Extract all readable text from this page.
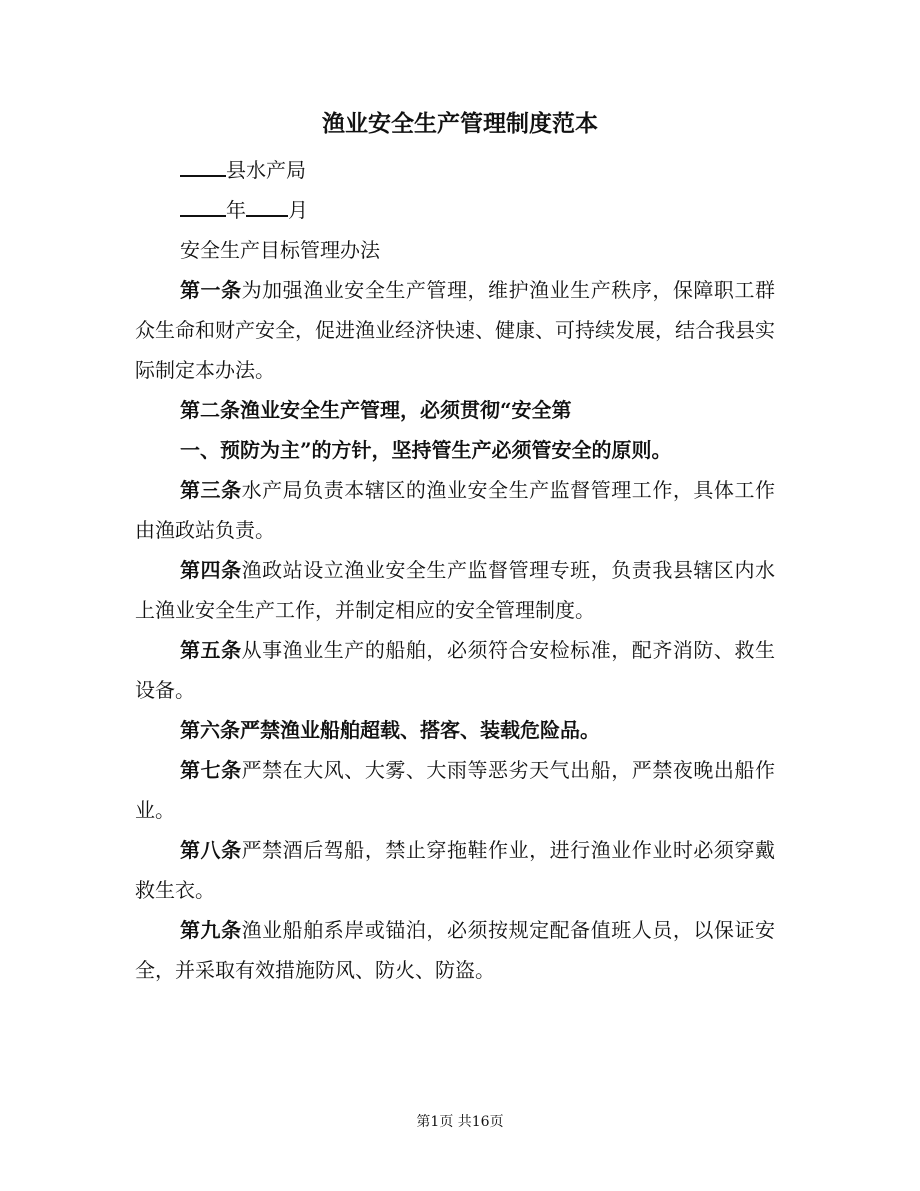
渔业安全生产管理制度范本
县水产局
年 月
安全生产目标管理办法

第一条为加强渔业安全生产管理，维护渔业生产秩序，保障职工群众生命和财产安全，促进渔业经济快速、健康、可持续发展，结合我县实际制定本办法。

第二条渔业安全生产管理，必须贯彻“安全第

一、预防为主”的方针，坚持管生产必须管安全的原则。

第三条水产局负责本辖区的渔业安全生产监督管理工作，具体工作由渔政站负责。

第四条渔政站设立渔业安全生产监督管理专班，负责我县辖区内水上渔业安全生产工作，并制定相应的安全管理制度。

第五条从事渔业生产的船舶，必须符合安检标准，配齐消防、救生设备。

第六条严禁渔业船舶超载、搭客、装载危险品。

第七条严禁在大风、大雾、大雨等恶劣天气出船，严禁夜晚出船作业。

第八条严禁酒后驾船，禁止穿拖鞋作业，进行渔业作业时必须穿戴救生衣。

第九条渔业船舶系岸或锚泊，必须按规定配备值班人员，以保证安全，并采取有效措施防风、防火、防盗。

第1页 共16页
